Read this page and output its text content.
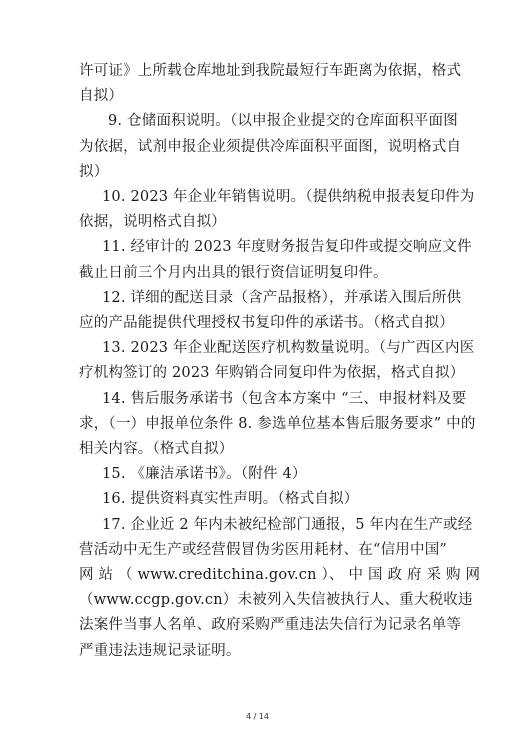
许可证》上所载仓库地址到我院最短行车距离为依据，格式
自拟）
9. 仓储面积说明。（以申报企业提交的仓库面积平面图
为依据，试剂申报企业须提供冷库面积平面图，说明格式自
拟）
10. 2023 年企业年销售说明。（提供纳税申报表复印件为
依据，说明格式自拟）
11. 经审计的 2023 年度财务报告复印件或提交响应文件
截止日前三个月内出具的银行资信证明复印件。
12. 详细的配送目录（含产品报格），并承诺入围后所供
应的产品能提供代理授权书复印件的承诺书。（格式自拟）
13. 2023 年企业配送医疗机构数量说明。（与广西区内医
疗机构签订的 2023 年购销合同复印件为依据，格式自拟）
14. 售后服务承诺书（包含本方案中 “三、申报材料及要
求，（一）申报单位条件 8. 参选单位基本售后服务要求” 中的
相关内容。（格式自拟）
15. 《廉洁承诺书》。（附件 4）
16. 提供资料真实性声明。（格式自拟）
17. 企业近 2 年内未被纪检部门通报，5 年内在生产或经
营活动中无生产或经营假冒伪劣医用耗材、在“信用中国”
网 站 （ www.creditchina.gov.cn ）、 中 国 政 府 采 购 网
（www.ccgp.gov.cn）未被列入失信被执行人、重大税收违
法案件当事人名单、政府采购严重违法失信行为记录名单等
严重违法违规记录证明。
4 / 14
